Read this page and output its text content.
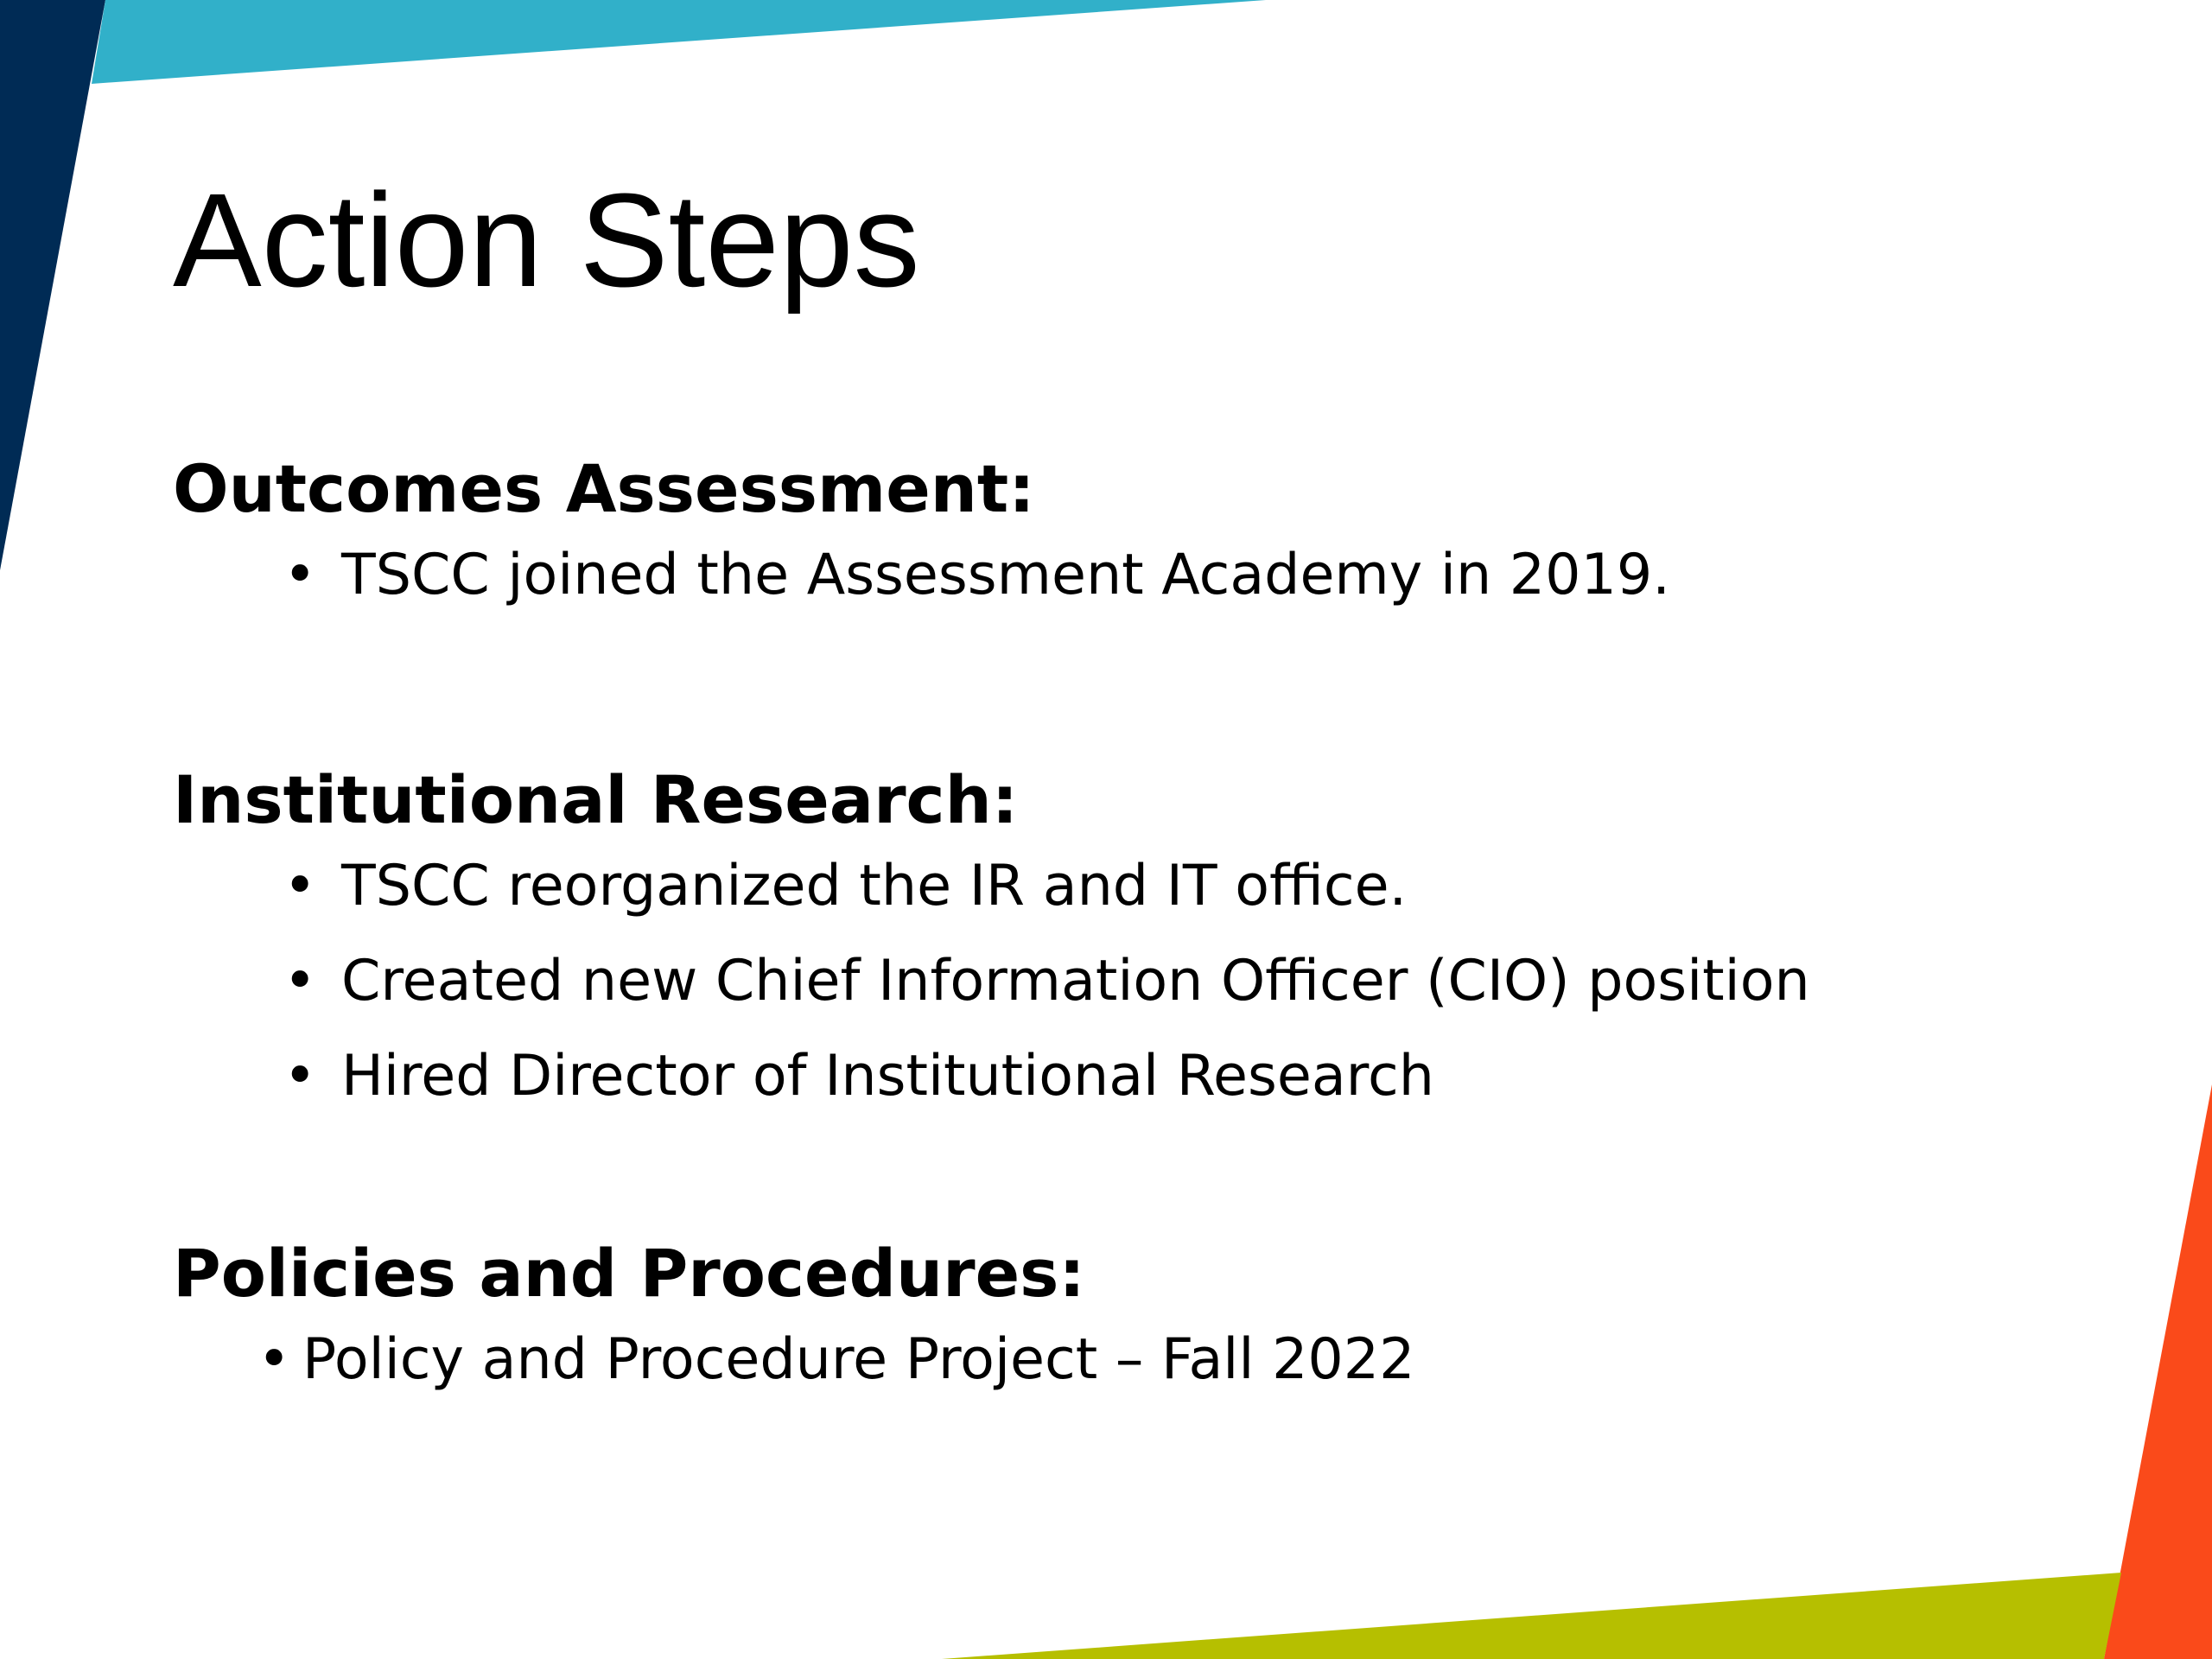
Action Steps
Outcomes Assessment:
• TSCC joined the Assessment Academy in 2019.
Institutional Research:
• TSCC reorganized the IR and IT office.
• Created new Chief Information Officer (CIO) position
• Hired Director of Institutional Research
Policies and Procedures:
• Policy and Procedure Project – Fall 2022
